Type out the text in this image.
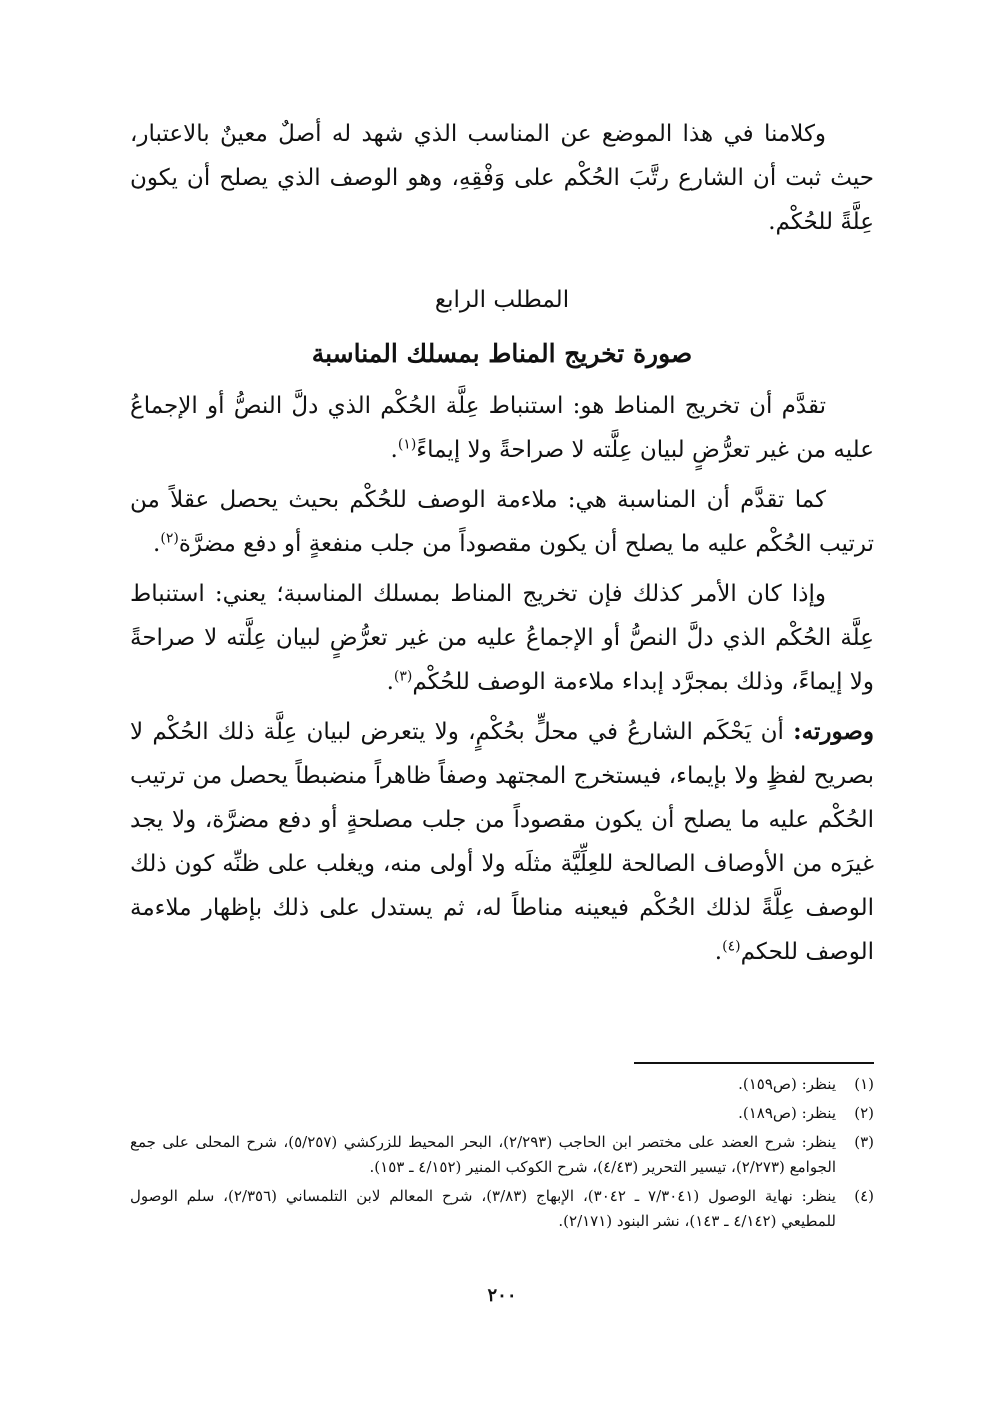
وكلامنا في هذا الموضع عن المناسب الذي شهد له أصلٌ معينٌ بالاعتبار، حيث ثبت أن الشارع رتَّبَ الحُكْم على وَفْقِهِ، وهو الوصف الذي يصلح أن يكون عِلَّةً للحُكْم.

المطلب الرابع

صورة تخريج المناط بمسلك المناسبة

تقدَّم أن تخريج المناط هو: استنباط عِلَّة الحُكْم الذي دلَّ النصُّ أو الإجماعُ عليه من غير تعرُّضٍ لبيان عِلَّته لا صراحةً ولا إيماءً$^{(١)}$.

كما تقدَّم أن المناسبة هي: ملاءمة الوصف للحُكْم بحيث يحصل عقلاً من ترتيب الحُكْم عليه ما يصلح أن يكون مقصوداً من جلب منفعةٍ أو دفع مضرَّة$^{(٢)}$.

وإذا كان الأمر كذلك فإن تخريج المناط بمسلك المناسبة؛ يعني: استنباط عِلَّة الحُكْم الذي دلَّ النصُّ أو الإجماعُ عليه من غير تعرُّضٍ لبيان عِلَّته لا صراحةً ولا إيماءً، وذلك بمجرَّد إبداء ملاءمة الوصف للحُكْم$^{(٣)}$.

وصورته: أن يَحْكَم الشارعُ في محلٍّ بحُكْمٍ، ولا يتعرض لبيان عِلَّة ذلك الحُكْم لا بصريح لفظٍ ولا بإيماء، فيستخرج المجتهد وصفاً ظاهراً منضبطاً يحصل من ترتيب الحُكْم عليه ما يصلح أن يكون مقصوداً من جلب مصلحةٍ أو دفع مضرَّة، ولا يجد غيرَه من الأوصاف الصالحة للعِلِّيَّة مثلَه ولا أولى منه، ويغلب على ظنِّه كون ذلك الوصف عِلَّةً لذلك الحُكْم فيعينه مناطاً له، ثم يستدل على ذلك بإظهار ملاءمة الوصف للحكم$^{(٤)}$.

(١)
ينظر: (ص١٥٩).
(٢)
ينظر: (ص١٨٩).
(٣)
ينظر: شرح العضد على مختصر ابن الحاجب (٢/٢٩٣)، البحر المحيط للزركشي (٥/٢٥٧)، شرح المحلى على جمع الجوامع (٢/٢٧٣)، تيسير التحرير (٤/٤٣)، شرح الكوكب المنير (٤/١٥٢ ـ ١٥٣).
(٤)
ينظر: نهاية الوصول (٧/٣٠٤١ ـ ٣٠٤٢)، الإبهاج (٣/٨٣)، شرح المعالم لابن التلمساني (٢/٣٥٦)، سلم الوصول للمطيعي (٤/١٤٢ ـ ١٤٣)، نشر البنود (٢/١٧١).
٢٠٠
